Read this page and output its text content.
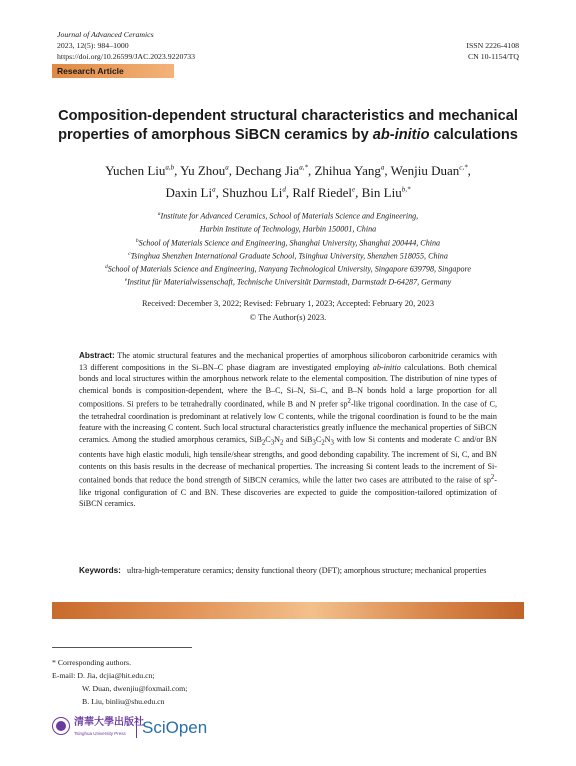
Journal of Advanced Ceramics
2023, 12(5): 984–1000
https://doi.org/10.26599/JAC.2023.9220733
ISSN 2226-4108
CN 10-1154/TQ
Research Article
Composition-dependent structural characteristics and mechanical properties of amorphous SiBCN ceramics by ab-initio calculations
Yuchen Liu$^{a,b}$, Yu Zhou$^a$, Dechang Jia$^{a,*}$, Zhihua Yang$^a$, Wenjiu Duan$^{c,*}$,
Daxin Li$^a$, Shuzhou Li$^d$, Ralf Riedel$^e$, Bin Liu$^{b,*}$
$^a$Institute for Advanced Ceramics, School of Materials Science and Engineering,
Harbin Institute of Technology, Harbin 150001, China
$^b$School of Materials Science and Engineering, Shanghai University, Shanghai 200444, China
$^c$Tsinghua Shenzhen International Graduate School, Tsinghua University, Shenzhen 518055, China
$^d$School of Materials Science and Engineering, Nanyang Technological University, Singapore 639798, Singapore
$^e$Institut für Materialwissenschaft, Technische Universität Darmstadt, Darmstadt D-64287, Germany
Received: December 3, 2022; Revised: February 1, 2023; Accepted: February 20, 2023
© The Author(s) 2023.
Abstract: The atomic structural features and the mechanical properties of amorphous silicoboron carbonitride ceramics with 13 different compositions in the Si–BN–C phase diagram are investigated employing ab-initio calculations. Both chemical bonds and local structures within the amorphous network relate to the elemental composition. The distribution of nine types of chemical bonds is composition-dependent, where the B–C, Si–N, Si–C, and B–N bonds hold a large proportion for all compositions. Si prefers to be tetrahedrally coordinated, while B and N prefer $sp^2$-like trigonal coordination. In the case of C, the tetrahedral coordination is predominant at relatively low C contents, while the trigonal coordination is found to be the main feature with the increasing C content. Such local structural characteristics greatly influence the mechanical properties of SiBCN ceramics. Among the studied amorphous ceramics, $SiB_2C_3N_2$ and $SiB_3C_2N_3$ with low Si contents and moderate C and/or BN contents have high elastic moduli, high tensile/shear strengths, and good debonding capability. The increment of Si, C, and BN contents on this basis results in the decrease of mechanical properties. The increasing Si content leads to the increment of Si-contained bonds that reduce the bond strength of SiBCN ceramics, while the latter two cases are attributed to the raise of $sp^2$-like trigonal configuration of C and BN. These discoveries are expected to guide the composition-tailored optimization of SiBCN ceramics.
Keywords: ultra-high-temperature ceramics; density functional theory (DFT); amorphous structure; mechanical properties
* Corresponding authors.
E-mail: D. Jia, dcjia@hit.edu.cn;
W. Duan, dwenjiu@foxmail.com;
B. Liu, binliu@shu.edu.cn
清華大學出版社
Tsinghua University Press SciOpen
